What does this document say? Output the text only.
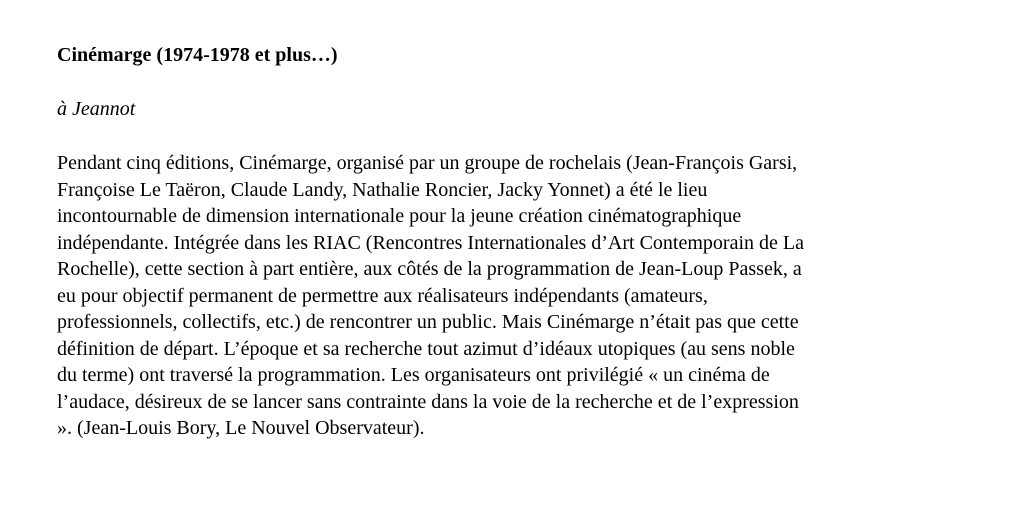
Cinémarge (1974-1978 et plus…)

à Jeannot

Pendant cinq éditions, Cinémarge, organisé par un groupe de rochelais (Jean-François Garsi,
Françoise Le Taëron, Claude Landy, Nathalie Roncier, Jacky Yonnet) a été le lieu
incontournable de dimension internationale pour la jeune création cinématographique
indépendante. Intégrée dans les RIAC (Rencontres Internationales d’Art Contemporain de La
Rochelle), cette section à part entière, aux côtés de la programmation de Jean-Loup Passek, a
eu pour objectif permanent de permettre aux réalisateurs indépendants (amateurs,
professionnels, collectifs, etc.) de rencontrer un public. Mais Cinémarge n’était pas que cette
définition de départ. L’époque et sa recherche tout azimut d’idéaux utopiques (au sens noble
du terme) ont traversé la programmation. Les organisateurs ont privilégié « un cinéma de
l’audace, désireux de se lancer sans contrainte dans la voie de la recherche et de l’expression
». (Jean-Louis Bory, Le Nouvel Observateur).
